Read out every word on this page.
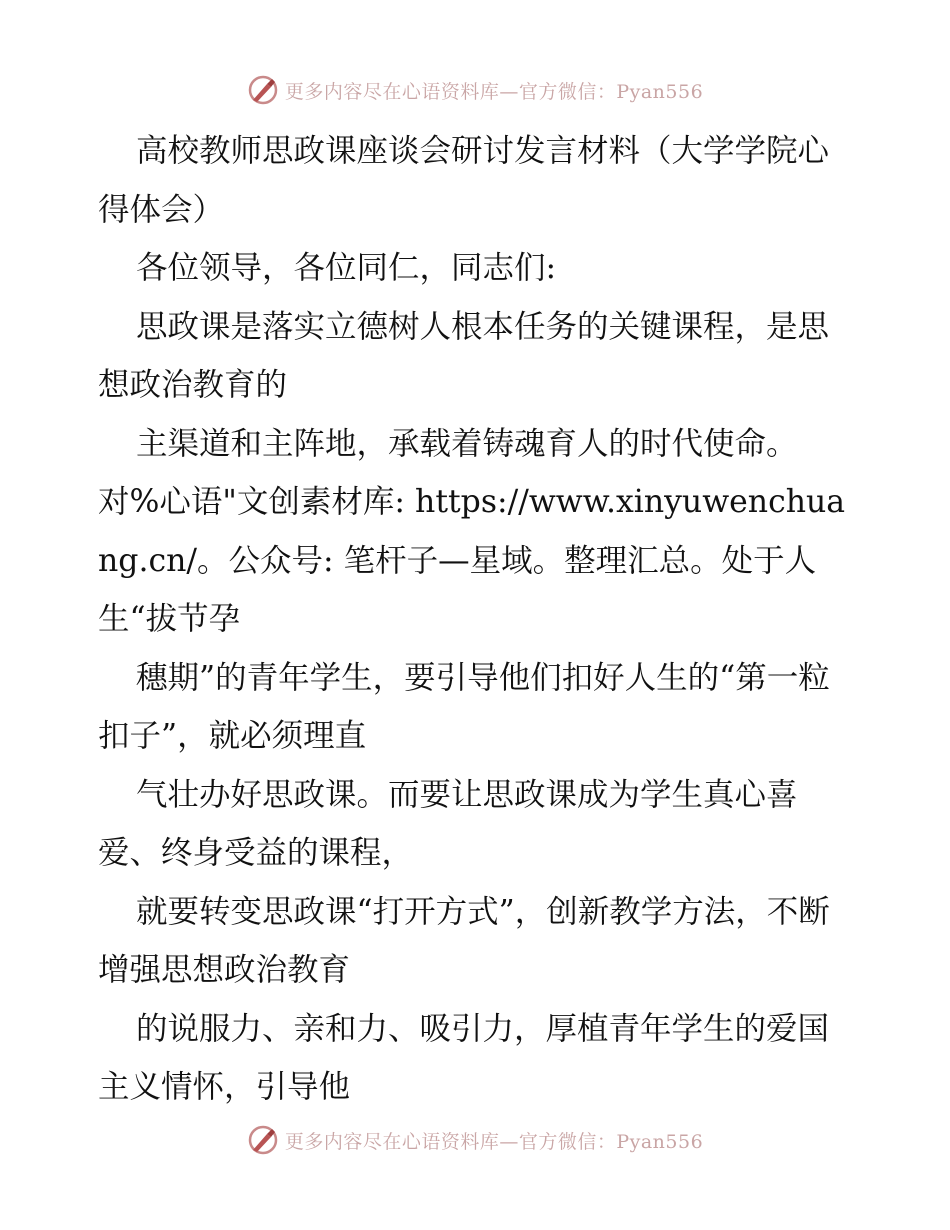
更多内容尽在心语资料库—官方微信：Pyan556

高校教师思政课座谈会研讨发言材料（大学学院心得体会）

各位领导，各位同仁，同志们:

思政课是落实立德树人根本任务的关键课程，是思想政治教育的

主渠道和主阵地，承载着铸魂育人的时代使命。对%心语"文创素材库: https://www.xinyuwenchuang.cn/。公众号: 笔杆子—星域。整理汇总。处于人生“拔节孕

穗期”的青年学生，要引导他们扣好人生的“第一粒扣子”，就必须理直

气壮办好思政课。而要让思政课成为学生真心喜爱、终身受益的课程，

就要转变思政课“打开方式”，创新教学方法，不断增强思想政治教育

的说服力、亲和力、吸引力，厚植青年学生的爱国主义情怀，引导他

更多内容尽在心语资料库—官方微信：Pyan556
